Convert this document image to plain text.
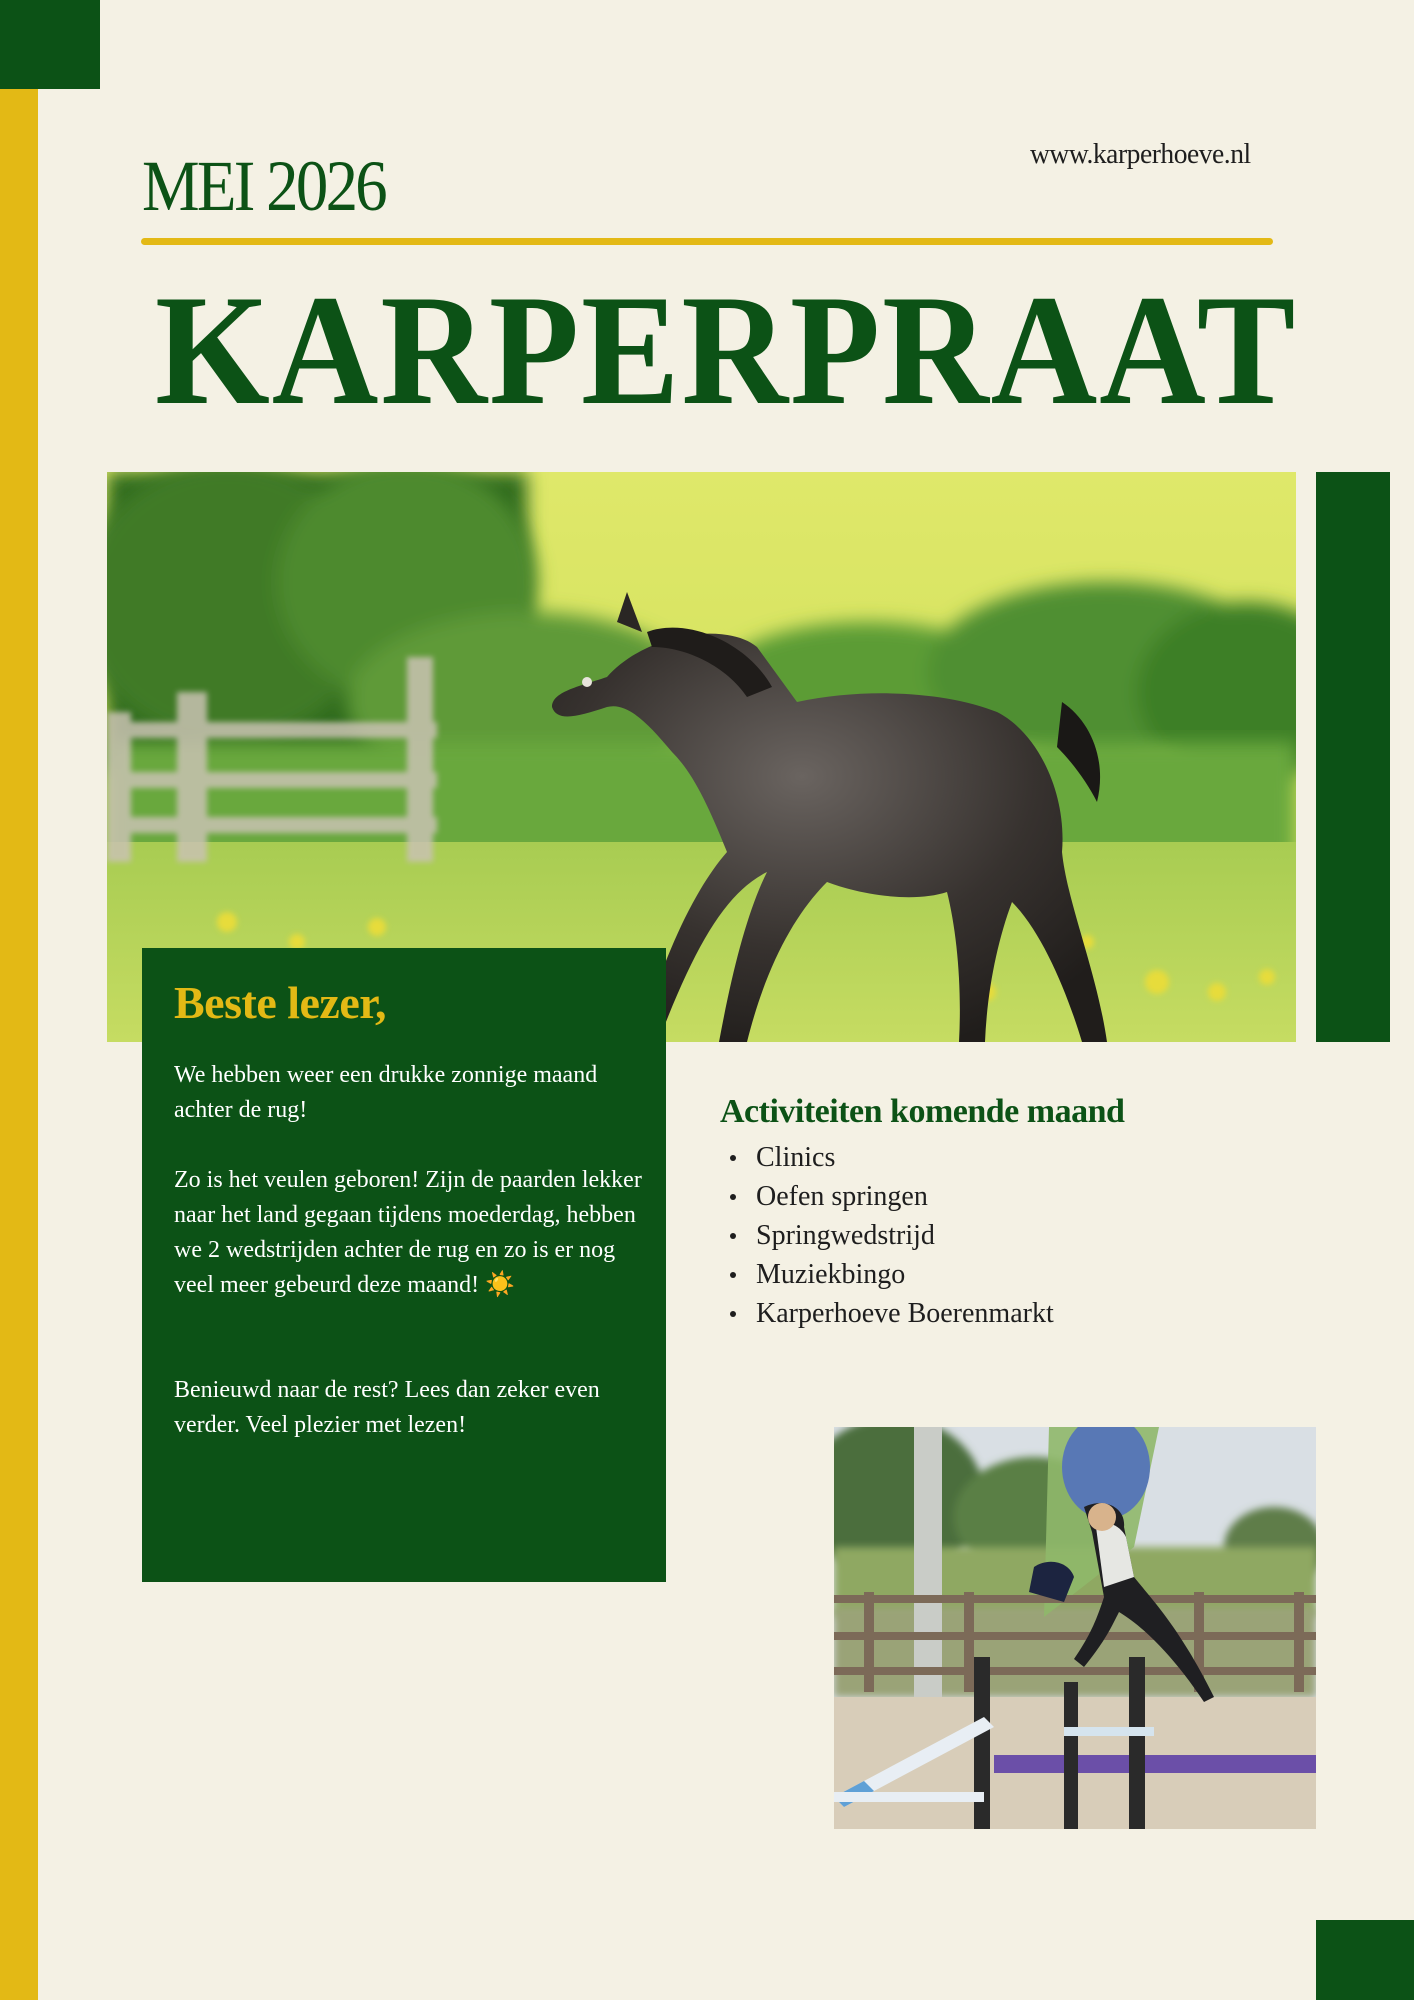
MEI 2026	www.karperhoeve.nl
KARPERPRAAT
Beste lezer,
We hebben weer een drukke zonnige maand achter de rug!
Zo is het veulen geboren! Zijn de paarden lekker naar het land gegaan tijdens moederdag, hebben we 2 wedstrijden achter de rug en zo is er nog veel meer gebeurd deze maand! ☀️
Benieuwd naar de rest? Lees dan zeker even verder. Veel plezier met lezen!
Activiteiten komende maand
Clinics
Oefen springen
Springwedstrijd
Muziekbingo
Karperhoeve Boerenmarkt
